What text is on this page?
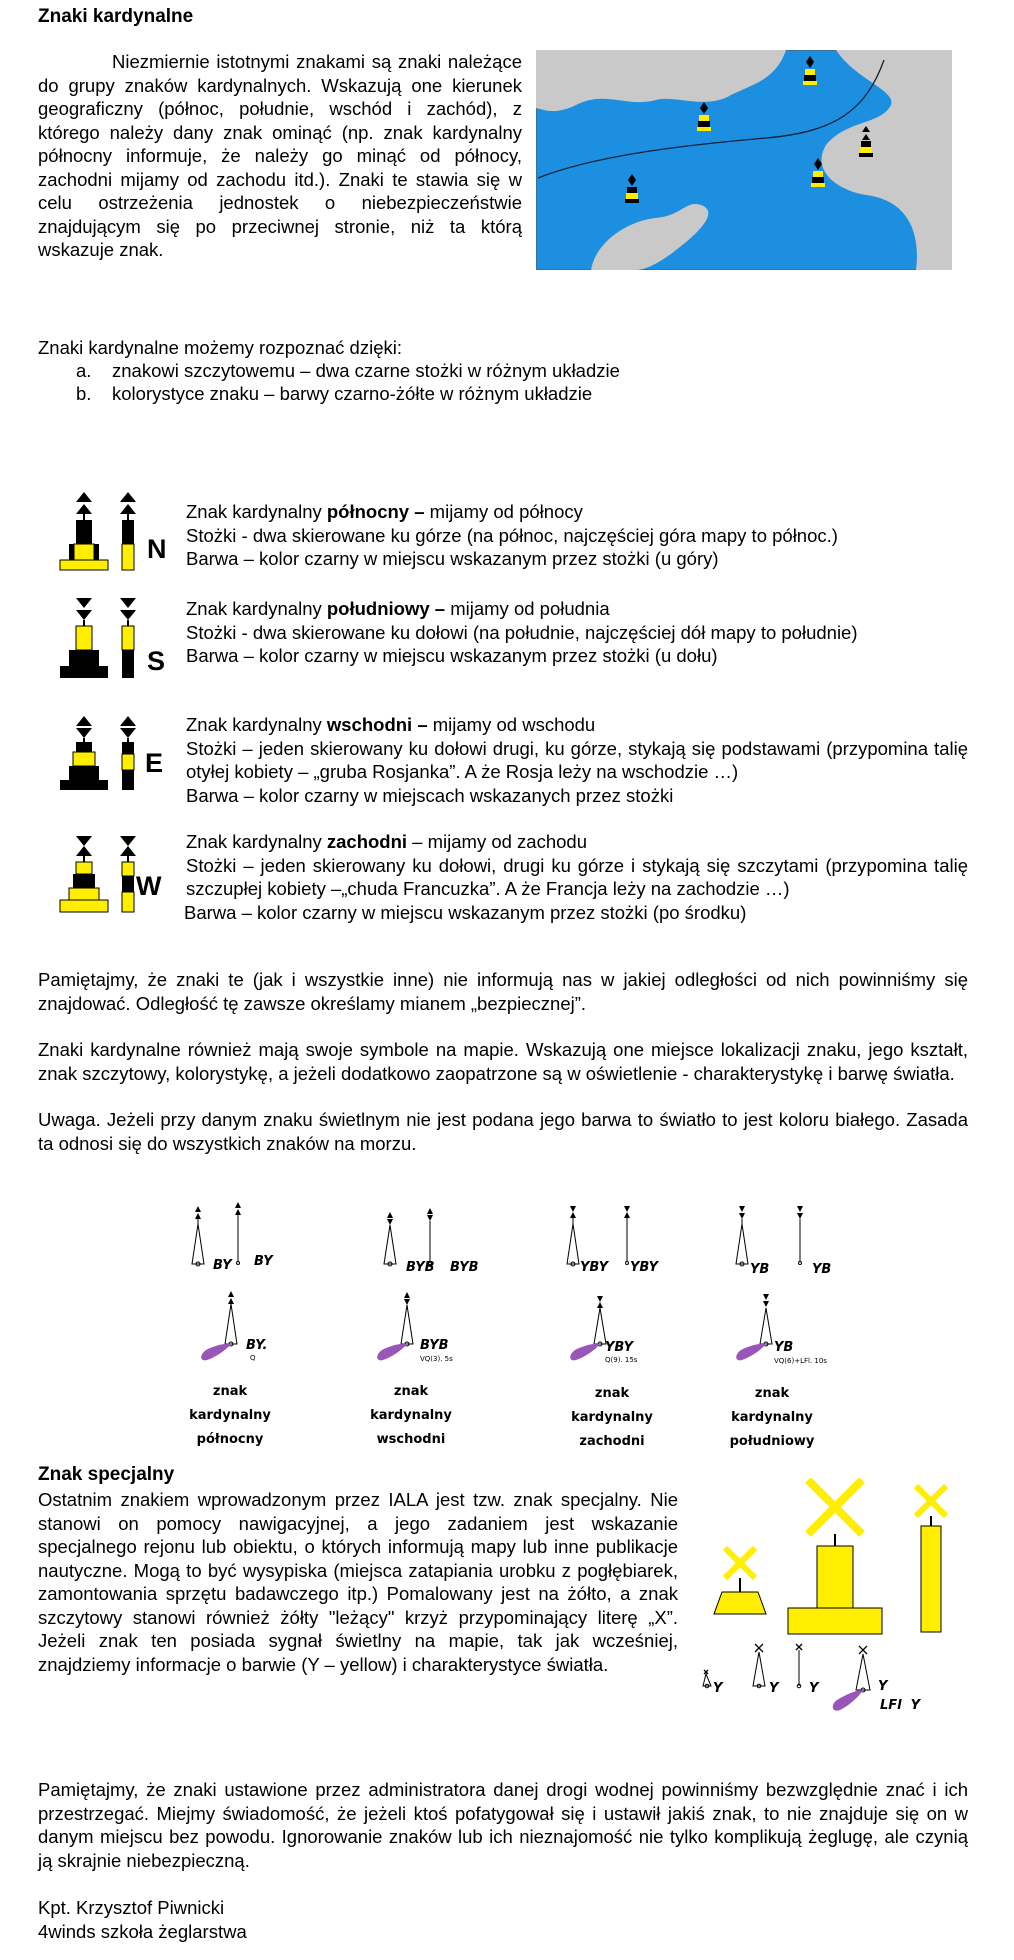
Znaki kardynalne
Niezmiernie istotnymi znakami są znaki należące do grupy znaków kardynalnych. Wskazują one kierunek geograficzny (północ, południe, wschód i zachód), z którego należy dany znak ominąć (np. znak kardynalny północny informuje, że należy go minąć od północy, zachodni mijamy od zachodu itd.). Znaki te stawia się w celu ostrzeżenia jednostek o niebezpieczeństwie znajdującym się po przeciwnej stronie, niż ta którą wskazuje znak.
Znaki kardynalne możemy rozpoznać dzięki:
a. znakowi szczytowemu – dwa czarne stożki w różnym układzie
b. kolorystyce znaku – barwy czarno-żółte w różnym układzie
N
Znak kardynalny północny – mijamy od północy
Stożki - dwa skierowane ku górze (na północ, najczęściej góra mapy to północ.)
Barwa – kolor czarny w miejscu wskazanym przez stożki (u góry)
S
Znak kardynalny południowy – mijamy od południa
Stożki - dwa skierowane ku dołowi (na południe, najczęściej dół mapy to południe)
Barwa – kolor czarny w miejscu wskazanym przez stożki (u dołu)
E
Znak kardynalny wschodni – mijamy od wschodu
Stożki – jeden skierowany ku dołowi drugi, ku górze, stykają się podstawami (przypomina talię otyłej kobiety – „gruba Rosjanka”. A że Rosja leży na wschodzie …)
Barwa – kolor czarny w miejscach wskazanych przez stożki
W
Znak kardynalny zachodni – mijamy od zachodu
Stożki – jeden skierowany ku dołowi, drugi ku górze i stykają się szczytami (przypomina talię szczupłej kobiety –„chuda Francuzka”. A że Francja leży na zachodzie …)
Barwa – kolor czarny w miejscu wskazanym przez stożki (po środku)
Pamiętajmy, że znaki te (jak i wszystkie inne) nie informują nas w jakiej odległości od nich powinniśmy się znajdować. Odległość tę zawsze określamy mianem „bezpiecznej”.
Znaki kardynalne również mają swoje symbole na mapie. Wskazują one miejsce lokalizacji znaku, jego kształt, znak szczytowy, kolorystykę, a jeżeli dodatkowo zaopatrzone są w oświetlenie - charakterystykę i barwę światła.
Uwaga. Jeżeli przy danym znaku świetlnym nie jest podana jego barwa to światło to jest koloru białego. Zasada ta odnosi się do wszystkich znaków na morzu.
BY BY
BY.
Q
znak kardynalny
północny
BYB BYB
BYB
VQ(3). 5s
znak kardynalny
wschodni
YBY YBY
YBY
Q(9). 15s
znak kardynalny
zachodni
YB	YB
YB
VQ(6)+LFl. 10s
znak kardynalny
południowy
Znak specjalny
Ostatnim znakiem wprowadzonym przez IALA jest tzw. znak specjalny. Nie stanowi on pomocy nawigacyjnej, a jego zadaniem jest wskazanie specjalnego rejonu lub obiektu, o których informują mapy lub inne publikacje nautyczne. Mogą to być wysypiska (miejsca zatapiania urobku z pogłębiarek, zamontowania sprzętu badawczego itp.) Pomalowany jest na żółto, a znak szczytowy stanowi również żółty "leżący" krzyż przypominający literę „X”. Jeżeli znak ten posiada sygnał świetlny na mapie, tak jak wcześniej, znajdziemy informacje o barwie (Y – yellow) i charakterystyce światła.
Y	Y Y	Y
LFl  Y
Pamiętajmy, że znaki ustawione przez administratora danej drogi wodnej powinniśmy bezwzględnie znać i ich przestrzegać. Miejmy świadomość, że jeżeli ktoś pofatygował się i ustawił jakiś znak, to nie znajduje się on w danym miejscu bez powodu. Ignorowanie znaków lub ich nieznajomość nie tylko komplikują żeglugę, ale czynią ją skrajnie niebezpieczną.
Kpt. Krzysztof Piwnicki
4winds szkoła żeglarstwa
